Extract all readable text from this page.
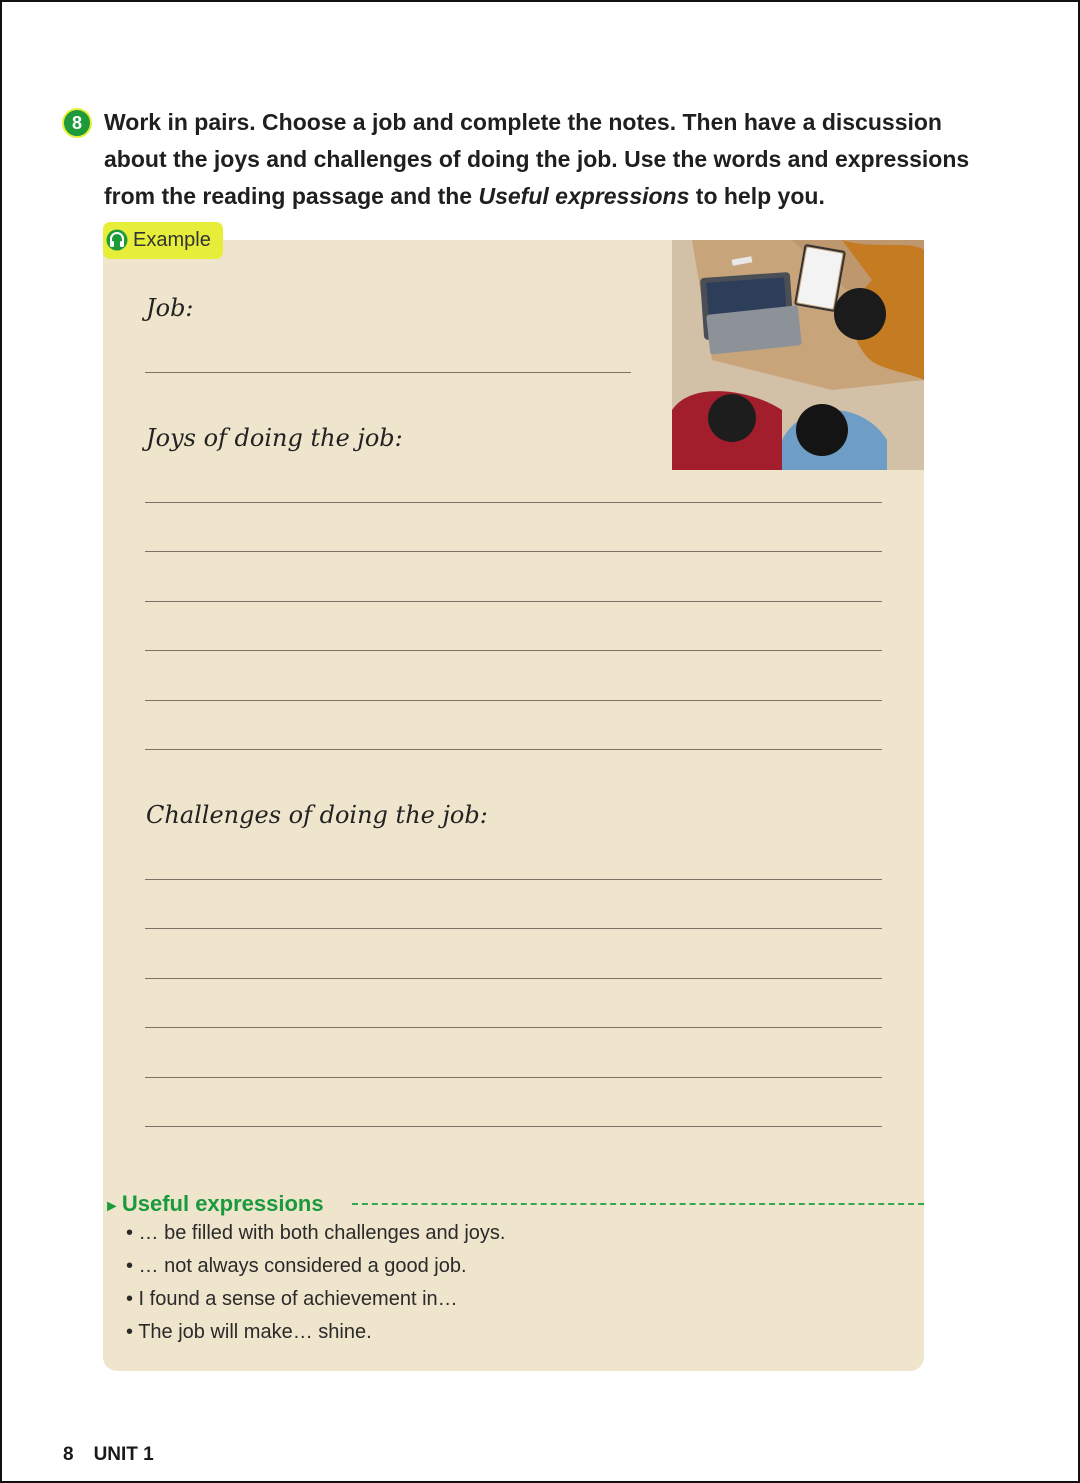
8 Work in pairs. Choose a job and complete the notes. Then have a discussion
about the joys and challenges of doing the job. Use the words and expressions
from the reading passage and the Useful expressions to help you.
Example
Job:
Joys of doing the job:
Challenges of doing the job:
►Useful expressions
• … be filled with both challenges and joys.
• … not always considered a good job.
• I found a sense of achievement in…
• The job will make… shine.
8 UNIT 1
